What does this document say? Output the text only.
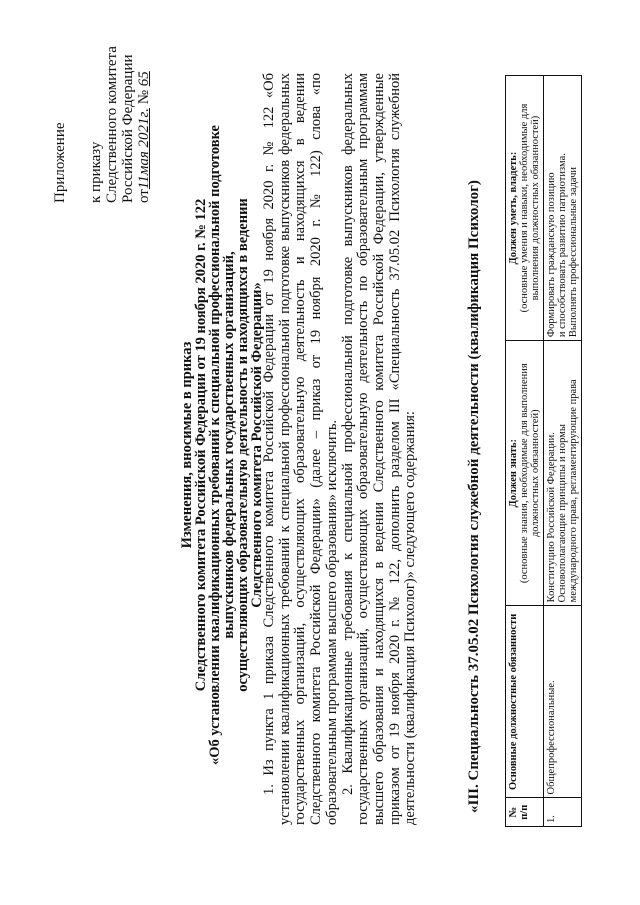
Приложение к приказу Следственного комитета Российской Федерации от11мая 2021г. № 65
Изменения, вносимые в приказ
Следственного комитета Российской Федерации от 19 ноября 2020 г. № 122
«Об установлении квалификационных требований к специальной профессиональной подготовке
выпускников федеральных государственных организаций,
осуществляющих образовательную деятельность и находящихся в ведении
Следственного комитета Российской Федерации»

1. Из пункта 1 приказа Следственного комитета Российской Федерации от 19 ноября 2020 г. № 122 «Об установлении квалификационных требований к специальной профессиональной подготовке выпускников федеральных государственных организаций, осуществляющих образовательную деятельность и находящихся в ведении Следственного комитета Российской Федерации» (далее – приказ от 19 ноября 2020 г. № 122) слова «по образовательным программам высшего образования» исключить. 2. Квалификационные требования к специальной профессиональной подготовке выпускников федеральных государственных организаций, осуществляющих образовательную деятельность по образовательным программам высшего образования и находящихся в ведении Следственного комитета Российской Федерации, утвержденные приказом от 19 ноября 2020 г. № 122, дополнить разделом III «Специальность 37.05.02 Психология служебной деятельности (квалификация Психолог)» следующего содержания:	«III. Специальность 37.05.02 Психология служебной деятельности (квалификация Психолог) № п/п	Основные должностные обязанности	Должен знать: (основные знания, необходимые для выполнения должностных обязанностей)	Должен уметь, владеть: (основные умения и навыки, необходимые для выполнения должностных обязанностей)

1.	Общепрофессиональные.	Конституцию Российской Федерации. Основополагающие принципы и нормы международного права, регламентирующие права	Формировать гражданскую позицию и способствовать развитию патриотизма. Выполнять профессиональные задачи
